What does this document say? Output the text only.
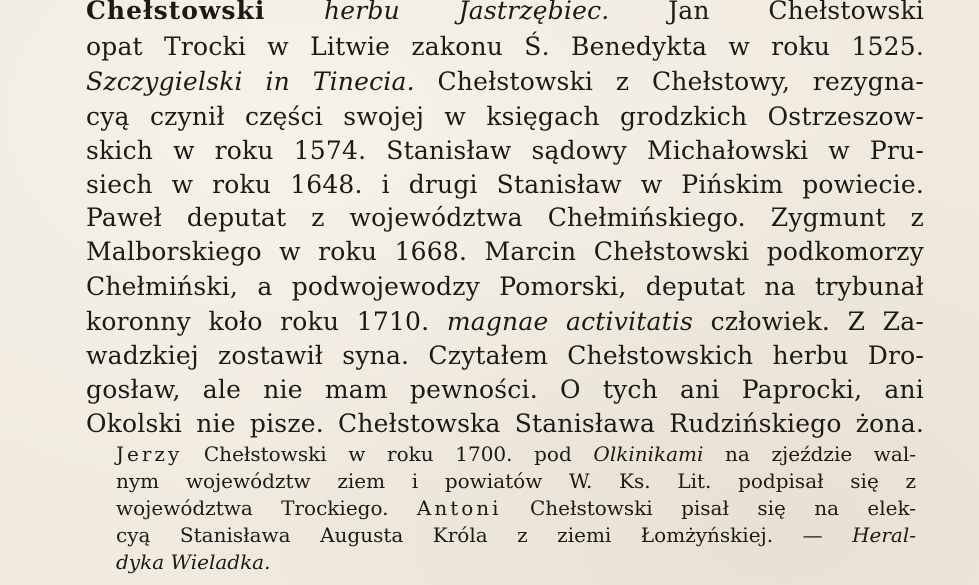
Chełstowski herbu Jastrzębiec. Jan Chełstowski
opat Trocki w Litwie zakonu Ś. Benedykta w roku 1525.
Szczygielski in Tinecia. Chełstowski z Chełstowy, rezygna-
cyą czynił części swojej w księgach grodzkich Ostrzeszow-
skich w roku 1574. Stanisław sądowy Michałowski w Pru-
siech w roku 1648. i drugi Stanisław w Pińskim powiecie.
Paweł deputat z województwa Chełmińskiego. Zygmunt z
Malborskiego w roku 1668. Marcin Chełstowski podkomorzy
Chełmiński, a podwojewodzy Pomorski, deputat na trybunał
koronny koło roku 1710. magnae activitatis człowiek. Z Za-
wadzkiej zostawił syna. Czytałem Chełstowskich herbu Dro-
gosław, ale nie mam pewności. O tych ani Paprocki, ani
Okolski nie pisze. Chełstowska Stanisława Rudzińskiego żona.
Jerzy Chełstowski w roku 1700. pod Olkinikami na zjeździe wal-
nym województw ziem i powiatów W. Ks. Lit. podpisał się z
województwa Trockiego. Antoni Chełstowski pisał się na elek-
cyą Stanisława Augusta Króla z ziemi Łomżyńskiej. — Heral-
dyka Wieladka.
